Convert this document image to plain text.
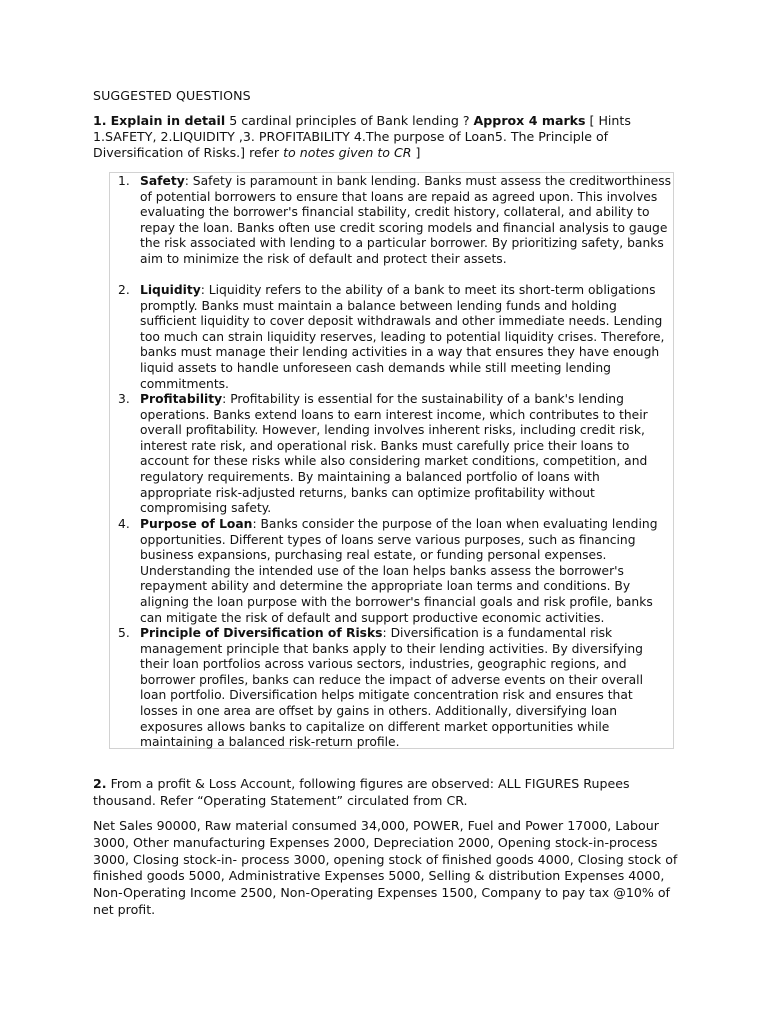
SUGGESTED QUESTIONS
1. Explain in detail 5 cardinal principles of Bank lending ? Approx 4 marks [ Hints 1.SAFETY, 2.LIQUIDITY ,3. PROFITABILITY 4.The purpose of Loan5. The Principle of Diversification of Risks.] refer to notes given to CR ]
1. Safety: Safety is paramount in bank lending. Banks must assess the creditworthiness of potential borrowers to ensure that loans are repaid as agreed upon. This involves evaluating the borrower's financial stability, credit history, collateral, and ability to repay the loan. Banks often use credit scoring models and financial analysis to gauge the risk associated with lending to a particular borrower. By prioritizing safety, banks aim to minimize the risk of default and protect their assets.
2. Liquidity: Liquidity refers to the ability of a bank to meet its short-term obligations promptly. Banks must maintain a balance between lending funds and holding sufficient liquidity to cover deposit withdrawals and other immediate needs. Lending too much can strain liquidity reserves, leading to potential liquidity crises. Therefore, banks must manage their lending activities in a way that ensures they have enough liquid assets to handle unforeseen cash demands while still meeting lending commitments.
3. Profitability: Profitability is essential for the sustainability of a bank's lending operations. Banks extend loans to earn interest income, which contributes to their overall profitability. However, lending involves inherent risks, including credit risk, interest rate risk, and operational risk. Banks must carefully price their loans to account for these risks while also considering market conditions, competition, and regulatory requirements. By maintaining a balanced portfolio of loans with appropriate risk-adjusted returns, banks can optimize profitability without compromising safety.
4. Purpose of Loan: Banks consider the purpose of the loan when evaluating lending opportunities. Different types of loans serve various purposes, such as financing business expansions, purchasing real estate, or funding personal expenses. Understanding the intended use of the loan helps banks assess the borrower's repayment ability and determine the appropriate loan terms and conditions. By aligning the loan purpose with the borrower's financial goals and risk profile, banks can mitigate the risk of default and support productive economic activities.
5. Principle of Diversification of Risks: Diversification is a fundamental risk management principle that banks apply to their lending activities. By diversifying their loan portfolios across various sectors, industries, geographic regions, and borrower profiles, banks can reduce the impact of adverse events on their overall loan portfolio. Diversification helps mitigate concentration risk and ensures that losses in one area are offset by gains in others. Additionally, diversifying loan exposures allows banks to capitalize on different market opportunities while maintaining a balanced risk-return profile.
2. From a profit & Loss Account, following figures are observed: ALL FIGURES Rupees thousand. Refer “Operating Statement” circulated from CR.
Net Sales 90000, Raw material consumed 34,000, POWER, Fuel and Power 17000, Labour 3000, Other manufacturing Expenses 2000, Depreciation 2000, Opening stock-in-process 3000, Closing stock-in- process 3000, opening stock of finished goods 4000, Closing stock of finished goods 5000, Administrative Expenses 5000, Selling & distribution Expenses 4000, Non-Operating Income 2500, Non-Operating Expenses 1500, Company to pay tax @10% of net profit.
